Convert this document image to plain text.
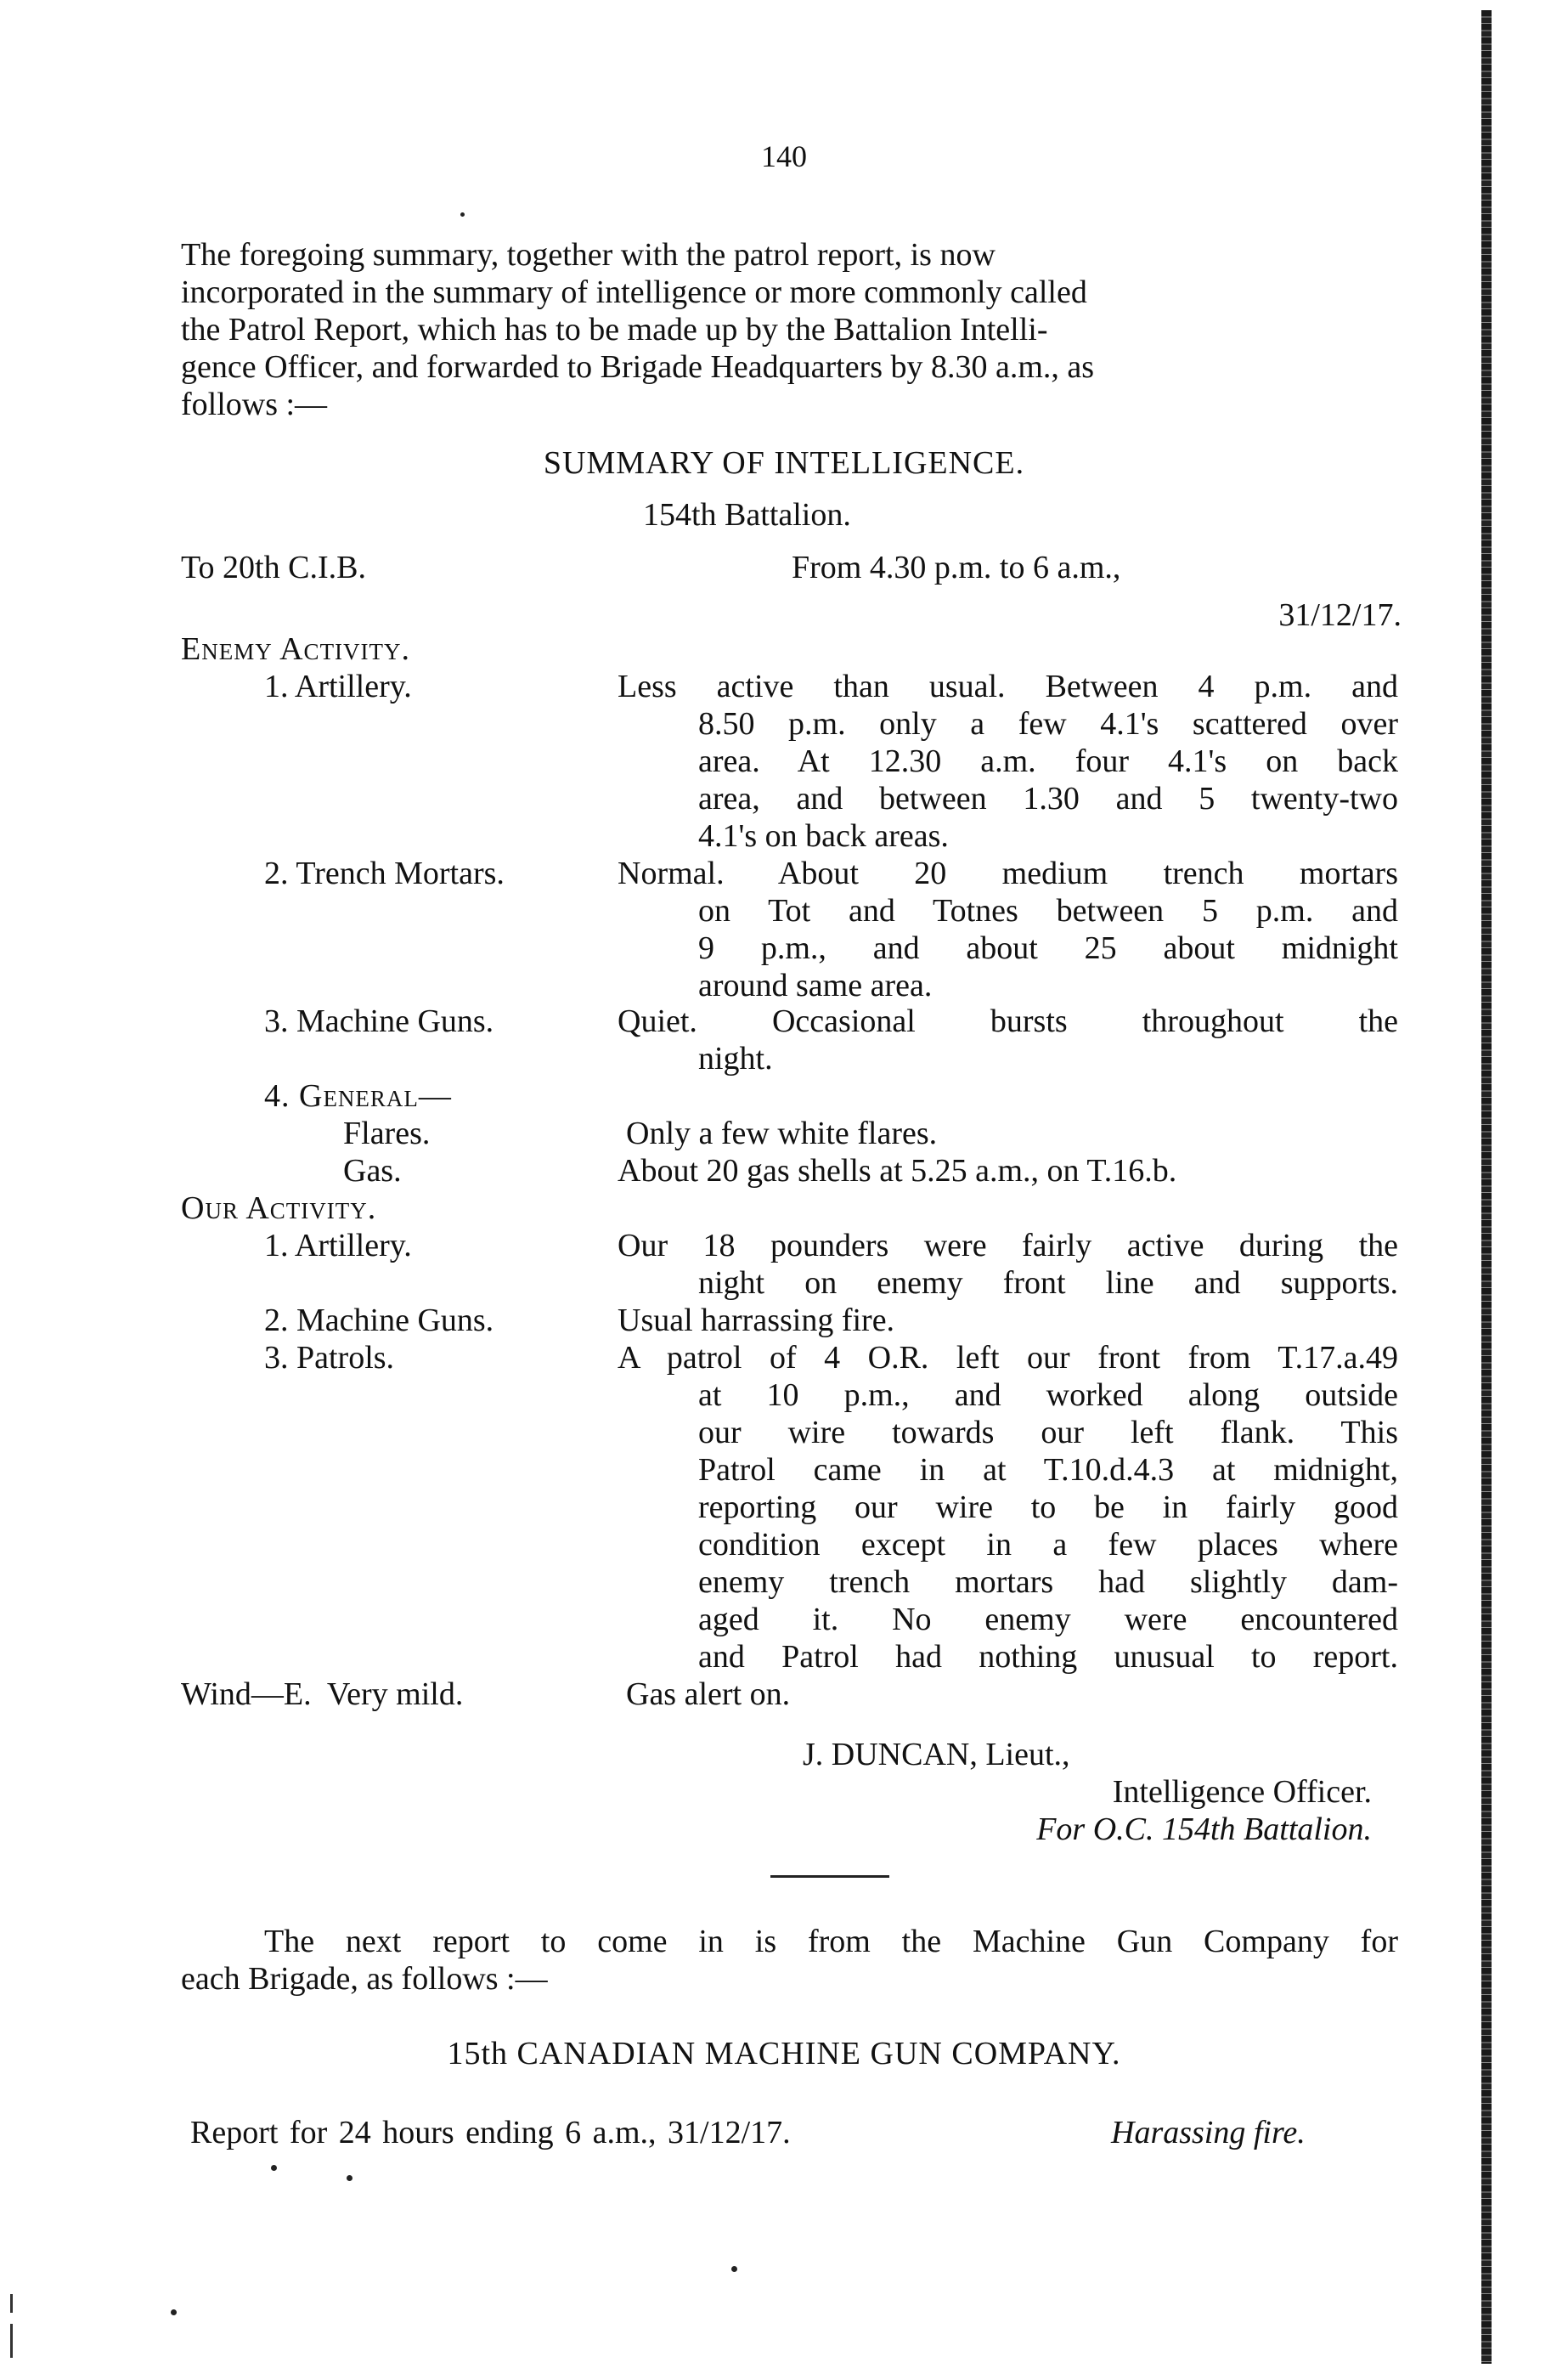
140
The foregoing summary, together with the patrol report, is now
incorporated in the summary of intelligence or more commonly called
the Patrol Report, which has to be made up by the Battalion Intelli-
gence Officer, and forwarded to Brigade Headquarters by 8.30 a.m., as
follows :—
SUMMARY OF INTELLIGENCE.
154th Battalion.
To 20th C.I.B.	From 4.30 p.m. to 6 a.m.,
31/12/17.
Enemy Activity.
1. Artillery.	Less active than usual. Between 4 p.m. and
8.50 p.m. only a few 4.1's scattered over
area. At 12.30 a.m. four 4.1's on back
area, and between 1.30 and 5 twenty-two
4.1's on back areas.
2. Trench Mortars.	Normal. About 20 medium trench mortars
on Tot and Totnes between 5 p.m. and
9 p.m., and about 25 about midnight
around same area.
3. Machine Guns.	Quiet. Occasional bursts throughout the
night.
4. General—
Flares.	Only a few white flares.
Gas.	About 20 gas shells at 5.25 a.m., on T.16.b.
Our Activity.
1. Artillery.	Our 18 pounders were fairly active during the
night on enemy front line and supports.
2. Machine Guns.	Usual harrassing fire.
3. Patrols.	A patrol of 4 O.R. left our front from T.17.a.49
at 10 p.m., and worked along outside
our wire towards our left flank. This
Patrol came in at T.10.d.4.3 at midnight,
reporting our wire to be in fairly good
condition except in a few places where
enemy trench mortars had slightly dam-
aged it. No enemy were encountered
and Patrol had nothing unusual to report.
Wind—E.  Very mild.	Gas alert on.
J. DUNCAN, Lieut.,
Intelligence Officer.
For O.C. 154th Battalion.
The next report to come in is from the Machine Gun Company for
each Brigade, as follows :—
15th CANADIAN MACHINE GUN COMPANY.
Report for 24 hours ending 6 a.m., 31/12/17.	Harassing fire.
